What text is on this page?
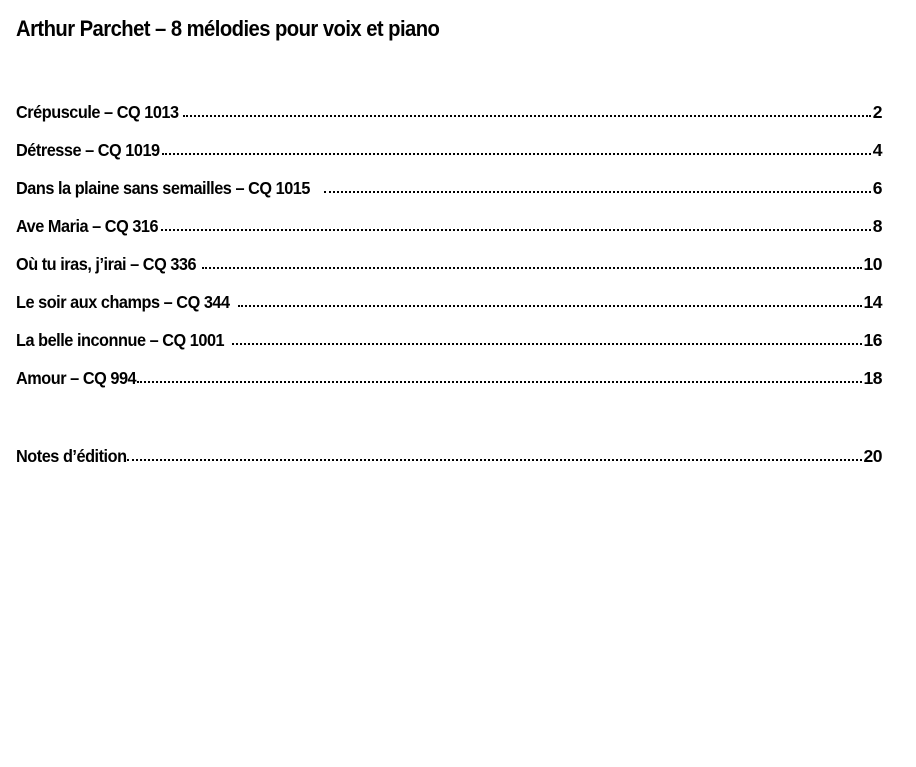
Arthur Parchet – 8 mélodies pour voix et piano
Crépuscule – CQ 1013	2
Détresse – CQ 1019	4
Dans la plaine sans semailles – CQ 1015	6
Ave Maria – CQ 316	8
Où tu iras, j’irai – CQ 336	10
Le soir aux champs – CQ 344	14
La belle inconnue – CQ 1001	16
Amour – CQ 994	18
Notes d’édition	20
